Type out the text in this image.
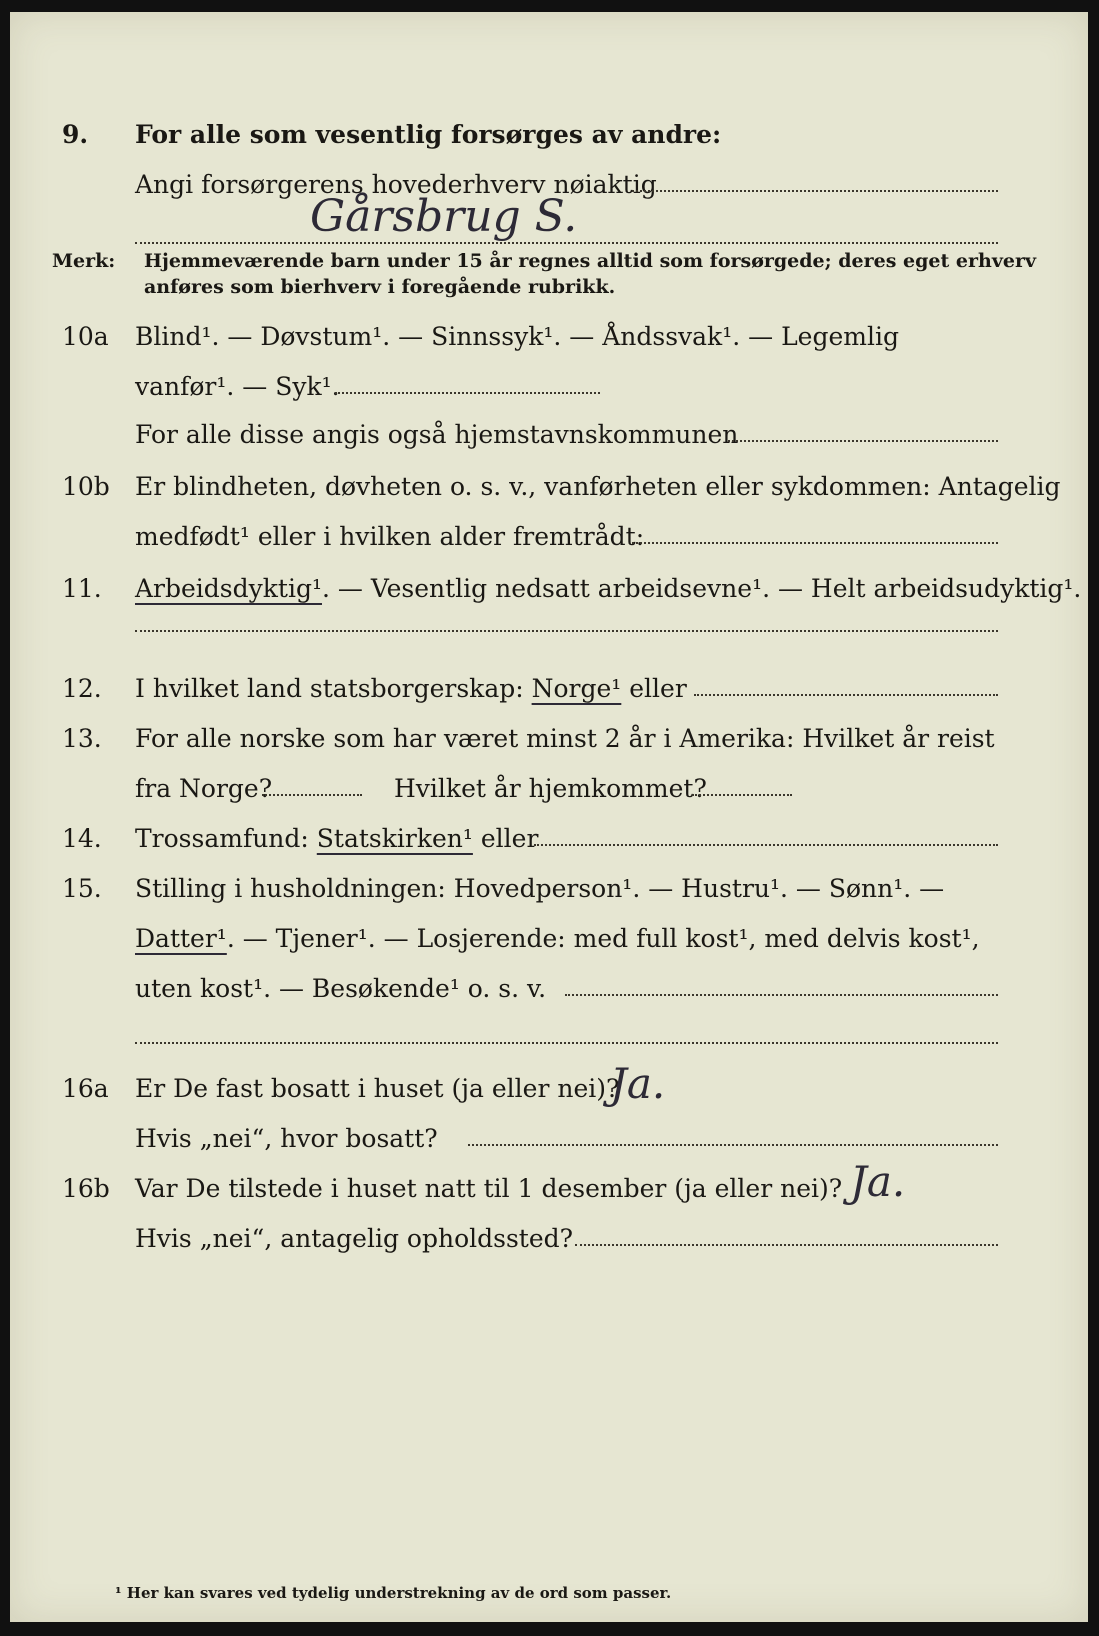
9. For alle som vesentlig forsørges av andre:
Angi forsørgerens hovederhverv nøiaktig
Gårsbrug S.
Merk: Hjemmeværende barn under 15 år regnes alltid som forsørgede; deres eget erhverv
anføres som bierhverv i foregående rubrikk.
10a Blind¹. — Døvstum¹. — Sinnssyk¹. — Åndssvak¹. — Legemlig
vanfør¹. — Syk¹.
For alle disse angis også hjemstavnskommunen
10b Er blindheten, døvheten o. s. v., vanførheten eller sykdommen: Antagelig
medfødt¹ eller i hvilken alder fremtrådt:
11. Arbeidsdyktig¹. — Vesentlig nedsatt arbeidsevne¹. — Helt arbeidsudyktig¹.
12. I hvilket land statsborgerskap: Norge¹ eller
13. For alle norske som har været minst 2 år i Amerika: Hvilket år reist
fra Norge?	Hvilket år hjemkommet?
14. Trossamfund: Statskirken¹ eller
15. Stilling i husholdningen: Hovedperson¹. — Hustru¹. — Sønn¹. —
Datter¹. — Tjener¹. — Losjerende: med full kost¹, med delvis kost¹,
uten kost¹. — Besøkende¹ o. s. v.
16a Er De fast bosatt i huset (ja eller nei)?
Ja.
Hvis „nei“, hvor bosatt?
16b Var De tilstede i huset natt til 1 desember (ja eller nei)? Ja.
Hvis „nei“, antagelig opholdssted?
¹ Her kan svares ved tydelig understrekning av de ord som passer.
